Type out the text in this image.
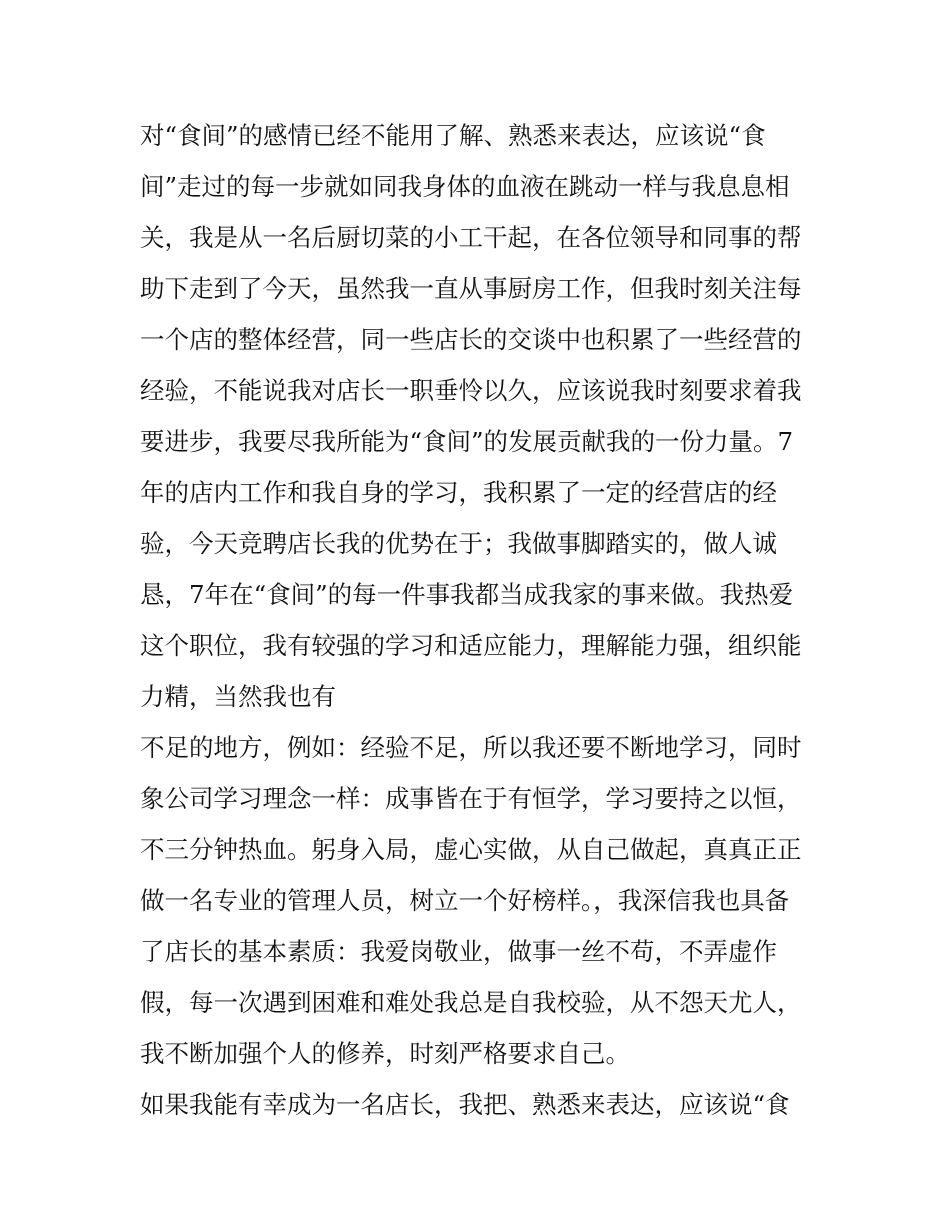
对“食间”的感情已经不能用了解、熟悉来表达，应该说“食
间”走过的每一步就如同我身体的血液在跳动一样与我息息相
关，我是从一名后厨切菜的小工干起，在各位领导和同事的帮
助下走到了今天，虽然我一直从事厨房工作，但我时刻关注每
一个店的整体经营，同一些店长的交谈中也积累了一些经营的
经验，不能说我对店长一职垂怜以久，应该说我时刻要求着我
要进步，我要尽我所能为“食间”的发展贡献我的一份力量。7
年的店内工作和我自身的学习，我积累了一定的经营店的经
验，今天竞聘店长我的优势在于；我做事脚踏实的，做人诚
恳，7年在“食间”的每一件事我都当成我家的事来做。我热爱
这个职位，我有较强的学习和适应能力，理解能力强，组织能
力精，当然我也有
不足的地方，例如：经验不足，所以我还要不断地学习，同时
象公司学习理念一样：成事皆在于有恒学，学习要持之以恒，
不三分钟热血。躬身入局，虚心实做，从自己做起，真真正正
做一名专业的管理人员，树立一个好榜样。，我深信我也具备
了店长的基本素质：我爱岗敬业，做事一丝不苟，不弄虚作
假，每一次遇到困难和难处我总是自我校验，从不怨天尤人，
我不断加强个人的修养，时刻严格要求自己。
如果我能有幸成为一名店长，我把、熟悉来表达，应该说“食
